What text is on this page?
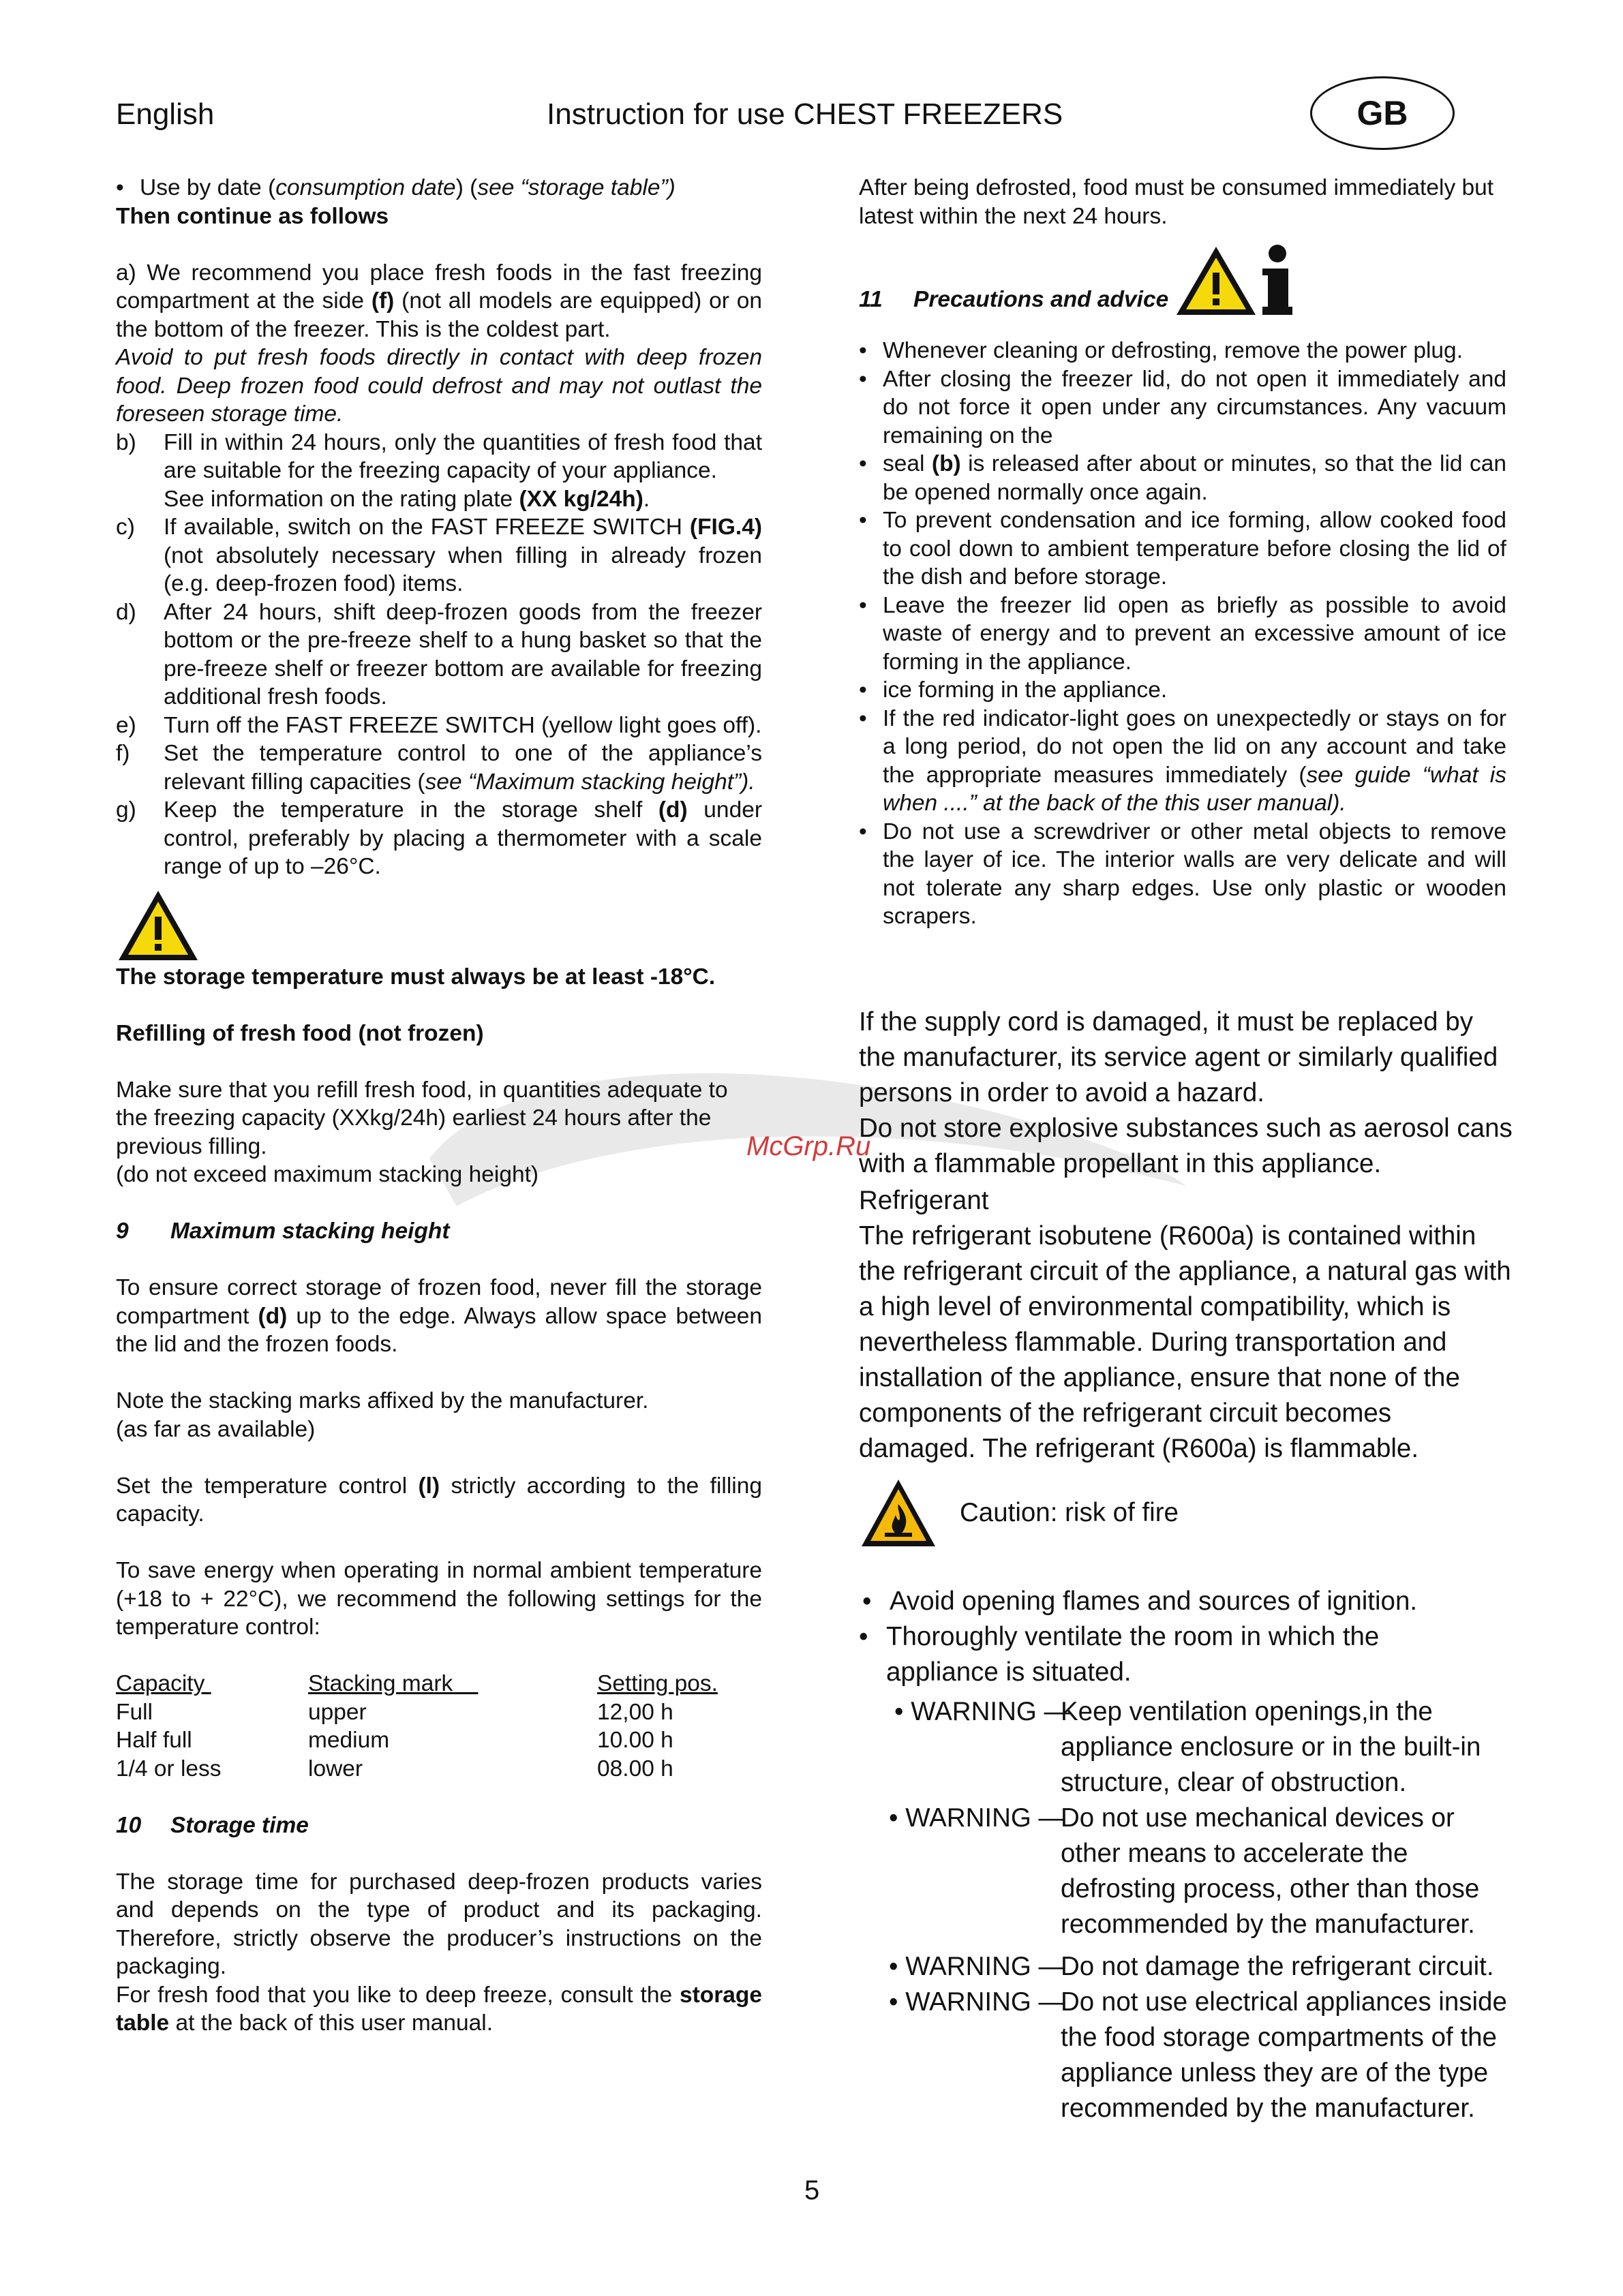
English	Instruction for use CHEST FREEZERS	GB
McGrp.Ru

• Use by date (consumption date) (see “storage table”)

Then continue as follows

a) We recommend you place fresh foods in the fast freezing compartment at the side (f) (not all models are equipped) or on the bottom of the freezer. This is the coldest part.

Avoid to put fresh foods directly in contact with deep frozen food. Deep frozen food could defrost and may not outlast the foreseen storage time.

b) Fill in within 24 hours, only the quantities of fresh food that are suitable for the freezing capacity of your appliance.
See information on the rating plate (XX kg/24h).
c) If available, switch on the FAST FREEZE SWITCH (FIG.4) (not absolutely necessary when filling in already frozen (e.g. deep-frozen food) items.
d) After 24 hours, shift deep-frozen goods from the freezer bottom or the pre-freeze shelf to a hung basket so that the pre-freeze shelf or freezer bottom are available for freezing additional fresh foods.
e) Turn off the FAST FREEZE SWITCH (yellow light goes off).
f) Set the temperature control to one of the appliance’s relevant filling capacities (see “Maximum stacking height”).
g) Keep the temperature in the storage shelf (d) under control, preferably by placing a thermometer with a scale range of up to –26°C.

The storage temperature must always be at least -18°C.

Refilling of fresh food (not frozen)

Make sure that you refill fresh food, in quantities adequate to the freezing capacity (XXkg/24h) earliest 24 hours after the previous filling.

(do not exceed maximum stacking height)

9 Maximum stacking height

To ensure correct storage of frozen food, never fill the storage compartment (d) up to the edge. Always allow space between the lid and the frozen foods.

Note the stacking marks affixed by the manufacturer.

(as far as available)

Set the temperature control (l) strictly according to the filling capacity.

To save energy when operating in normal ambient temperature (+18 to + 22°C), we recommend the following settings for the temperature control:

Capacity	Stacking mark	Setting pos.
Full	upper	12,00 h
Half full	medium	10.00 h
1/4 or less	lower	08.00 h

10 Storage time

The storage time for purchased deep-frozen products varies and depends on the type of product and its packaging. Therefore, strictly observe the producer’s instructions on the packaging.

For fresh food that you like to deep freeze, consult the storage table at the back of this user manual.

After being defrosted, food must be consumed immediately but latest within the next 24 hours.

11 Precautions and advice

• Whenever cleaning or defrosting, remove the power plug.
• After closing the freezer lid, do not open it immediately and do not force it open under any circumstances. Any vacuum remaining on the
• seal (b) is released after about or minutes, so that the lid can be opened normally once again.
• To prevent condensation and ice forming, allow cooked food to cool down to ambient temperature before closing the lid of the dish and before storage.
• Leave the freezer lid open as briefly as possible to avoid waste of energy and to prevent an excessive amount of ice forming in the appliance.
• ice forming in the appliance.
• If the red indicator-light goes on unexpectedly or stays on for a long period, do not open the lid on any account and take the appropriate measures immediately (see guide “what is when ....” at the back of the this user manual).
• Do not use a screwdriver or other metal objects to remove the layer of ice. The interior walls are very delicate and will not tolerate any sharp edges. Use only plastic or wooden scrapers.

If the supply cord is damaged, it must be replaced by the manufacturer, its service agent or similarly qualified persons in order to avoid a hazard.

Do not store explosive substances such as aerosol cans with a flammable propellant in this appliance.

Refrigerant

The refrigerant isobutene (R600a) is contained within the refrigerant circuit of the appliance, a natural gas with a high level of environmental compatibility, which is nevertheless flammable. During transportation and installation of the appliance, ensure that none of the components of the refrigerant circuit becomes damaged. The refrigerant (R600a) is flammable.

Caution: risk of fire
• Avoid opening flames and sources of ignition.
• Thoroughly ventilate the room in which the appliance is situated.
• WARNING —
Keep ventilation openings,in the appliance enclosure or in the built-in structure, clear of obstruction.
• WARNING —
Do not use mechanical devices or other means to accelerate the defrosting process, other than those recommended by the manufacturer.
• WARNING —
Do not damage the refrigerant circuit.
• WARNING —
Do not use electrical appliances inside the food storage compartments of the appliance unless they are of the type recommended by the manufacturer.
5
